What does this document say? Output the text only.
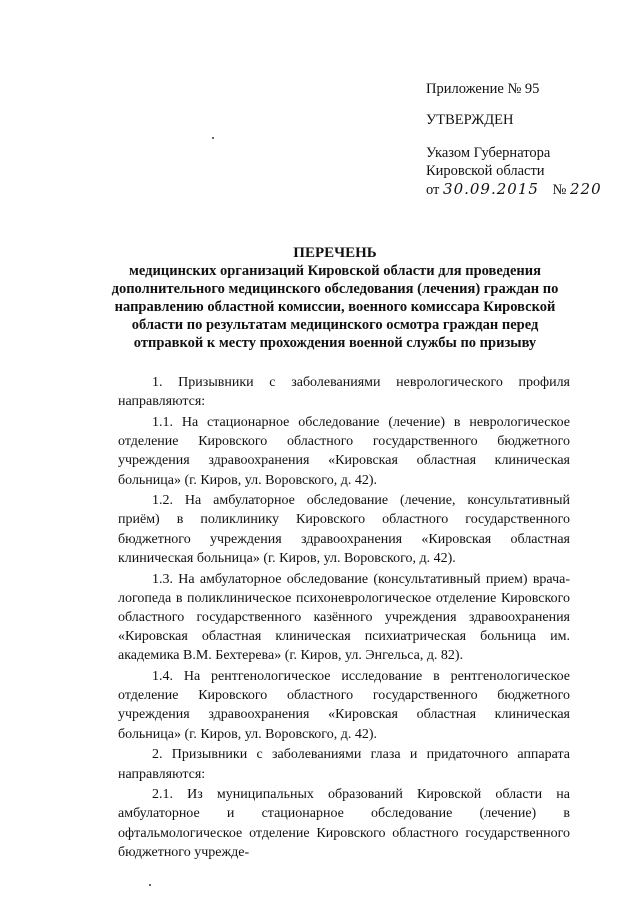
Приложение № 95
УТВЕРЖДЕН
Указом Губернатора
Кировской области
от 30.09.2015 № 220
ПЕРЕЧЕНЬ
медицинских организаций Кировской области для проведения дополнительного медицинского обследования (лечения) граждан по направлению областной комиссии, военного комиссара Кировской области по результатам медицинского осмотра граждан перед отправкой к месту прохождения военной службы по призыву

1. Призывники с заболеваниями неврологического профиля направляются:

1.1. На стационарное обследование (лечение) в неврологическое отделение Кировского областного государственного бюджетного учреждения здравоохранения «Кировская областная клиническая больница» (г. Киров, ул. Воровского, д. 42).

1.2. На амбулаторное обследование (лечение, консультативный приём) в поликлинику Кировского областного государственного бюджетного учреждения здравоохранения «Кировская областная клиническая больница» (г. Киров, ул. Воровского, д. 42).

1.3. На амбулаторное обследование (консультативный прием) врача-логопеда в поликлиническое психоневрологическое отделение Кировского областного государственного казённого учреждения здравоохранения «Кировская областная клиническая психиатрическая больница им. академика В.М. Бехтерева» (г. Киров, ул. Энгельса, д. 82).

1.4. На рентгенологическое исследование в рентгенологическое отделение Кировского областного государственного бюджетного учреждения здравоохранения «Кировская областная клиническая больница» (г. Киров, ул. Воровского, д. 42).

2. Призывники с заболеваниями глаза и придаточного аппарата направляются:

2.1. Из муниципальных образований Кировской области на амбулаторное и стационарное обследование (лечение) в офтальмологическое отделение Кировского областного государственного бюджетного учрежде-
